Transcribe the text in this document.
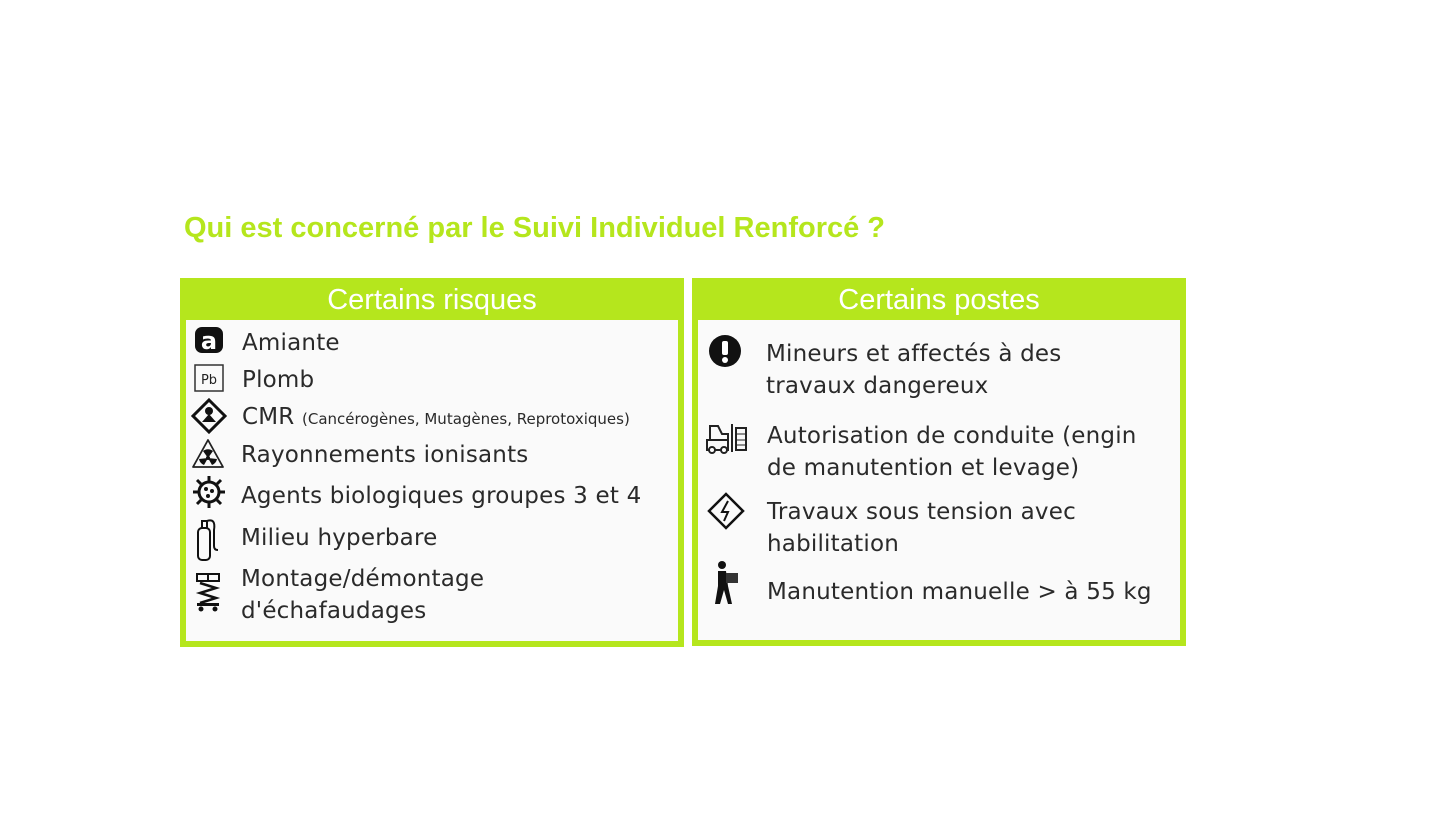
Qui est concerné par le Suivi Individuel Renforcé ?
Certains risques
a Amiante
Pb Plomb
CMR (Cancérogènes, Mutagènes, Reprotoxiques)
Rayonnements ionisants
Agents biologiques groupes 3 et 4
Milieu hyperbare
Montage/démontage
d'échafaudages
Certains postes
Mineurs et affectés à des
travaux dangereux
Autorisation de conduite (engin
de manutention et levage)
Travaux sous tension avec
habilitation
Manutention manuelle > à 55 kg
